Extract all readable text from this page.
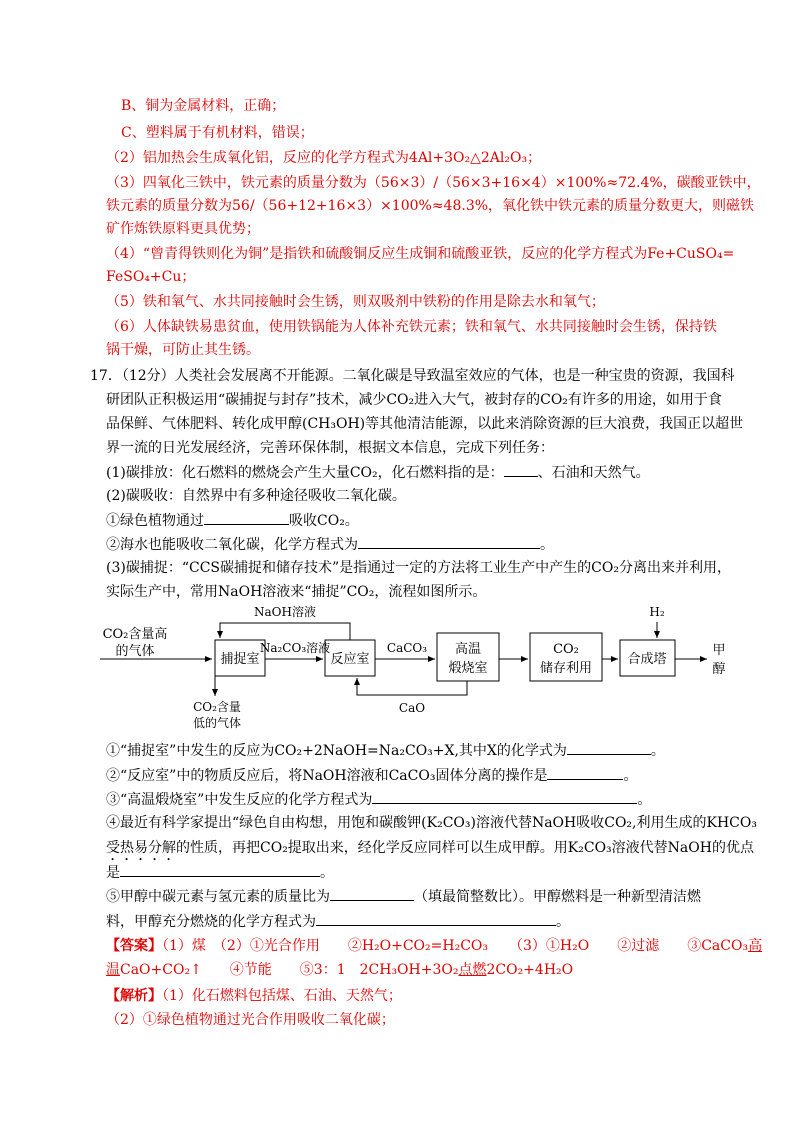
B、铜为金属材料，正确；
C、塑料属于有机材料，错误；
（2）铝加热会生成氧化铝，反应的化学方程式为4Al+3O₂△2Al₂O₃；
（3）四氧化三铁中，铁元素的质量分数为（56×3）/（56×3+16×4）×100%≈72.4%，碳酸亚铁中，
铁元素的质量分数为56/（56+12+16×3）×100%≈48.3%，氧化铁中铁元素的质量分数更大，则磁铁
矿作炼铁原料更具优势；
（4）“曾青得铁则化为铜”是指铁和硫酸铜反应生成铜和硫酸亚铁，反应的化学方程式为Fe+CuSO₄=
FeSO₄+Cu；
（5）铁和氧气、水共同接触时会生锈，则双吸剂中铁粉的作用是除去水和氧气；
（6）人体缺铁易患贫血，使用铁锅能为人体补充铁元素；铁和氧气、水共同接触时会生锈，保持铁
锅干燥，可防止其生锈。
17．（12分）人类社会发展离不开能源。二氧化碳是导致温室效应的气体，也是一种宝贵的资源，我国科
研团队正积极运用“碳捕捉与封存”技术，减少CO₂进入大气，被封存的CO₂有许多的用途，如用于食
品保鲜、气体肥料、转化成甲醇(CH₃OH)等其他清洁能源，以此来消除资源的巨大浪费，我国正以超世
界一流的日光发展经济，完善环保体制，根据文本信息，完成下列任务：
(1)碳排放：化石燃料的燃烧会产生大量CO₂，化石燃料指的是： 、石油和天然气。
(2)碳吸收：自然界中有多种途径吸收二氧化碳。
①绿色植物通过	吸收CO₂。
②海水也能吸收二氧化碳，化学方程式为	。
(3)碳捕捉：“CCS碳捕捉和储存技术”是指通过一定的方法将工业生产中产生的CO₂分离出来并利用，
实际生产中，常用NaOH溶液来“捕捉”CO₂，流程如图所示。
CO₂含量高
的气体
捕捉室
Na₂CO₃溶液
反应室
CaCO₃ 高温
煅烧室
CO₂
储存利用
合成塔
甲
醇
NaOH溶液
CaO
H₂
CO₂含量
低的气体
①“捕捉室”中发生的反应为CO₂+2NaOH=Na₂CO₃+X,其中X的化学式为	。
②“反应室”中的物质反应后，将NaOH溶液和CaCO₃固体分离的操作是	。
③“高温煅烧室”中发生反应的化学方程式为	。
④最近有科学家提出“绿色自由构想，用饱和碳酸钾(K₂CO₃)溶液代替NaOH吸收CO₂,利用生成的KHCO₃
受热易分解的性质，再把CO₂提取出来，经化学反应同样可以生成甲醇。用K₂CO₃溶液代替NaOH的优点
是	。
⑤甲醇中碳元素与氢元素的质量比为	（填最简整数比）。甲醇燃料是一种新型清洁燃
料，甲醇充分燃烧的化学方程式为	。
【答案】（1）煤　（2）①光合作用　　②H₂O+CO₂=H₂CO₃　　（3）①H₂O　　②过滤　　③CaCO₃高
温CaO+CO₂↑　　④节能　　⑤3：1　2CH₃OH+3O₂点燃2CO₂+4H₂O
【解析】（1）化石燃料包括煤、石油、天然气；
（2）①绿色植物通过光合作用吸收二氧化碳；
